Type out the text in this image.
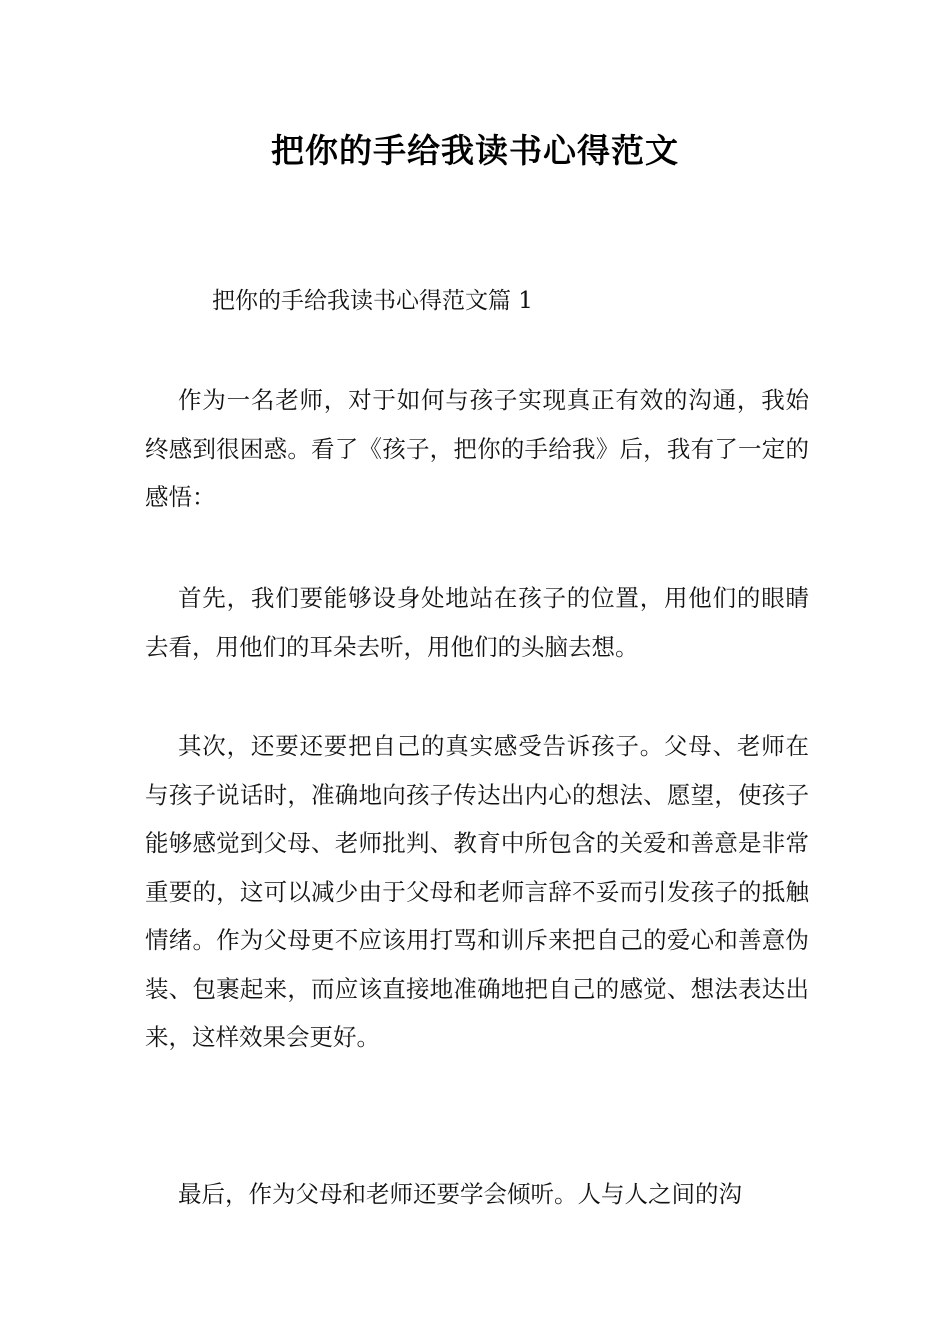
把你的手给我读书心得范文

把你的手给我读书心得范文篇 1

作为一名老师，对于如何与孩子实现真正有效的沟通，我始终感到很困惑。看了《孩子，把你的手给我》后，我有了一定的感悟：

首先，我们要能够设身处地站在孩子的位置，用他们的眼睛去看，用他们的耳朵去听，用他们的头脑去想。

其次，还要还要把自己的真实感受告诉孩子。父母、老师在与孩子说话时，准确地向孩子传达出内心的想法、愿望，使孩子能够感觉到父母、老师批判、教育中所包含的关爱和善意是非常重要的，这可以减少由于父母和老师言辞不妥而引发孩子的抵触情绪。作为父母更不应该用打骂和训斥来把自己的爱心和善意伪装、包裹起来，而应该直接地准确地把自己的感觉、想法表达出来，这样效果会更好。

最后，作为父母和老师还要学会倾听。人与人之间的沟
